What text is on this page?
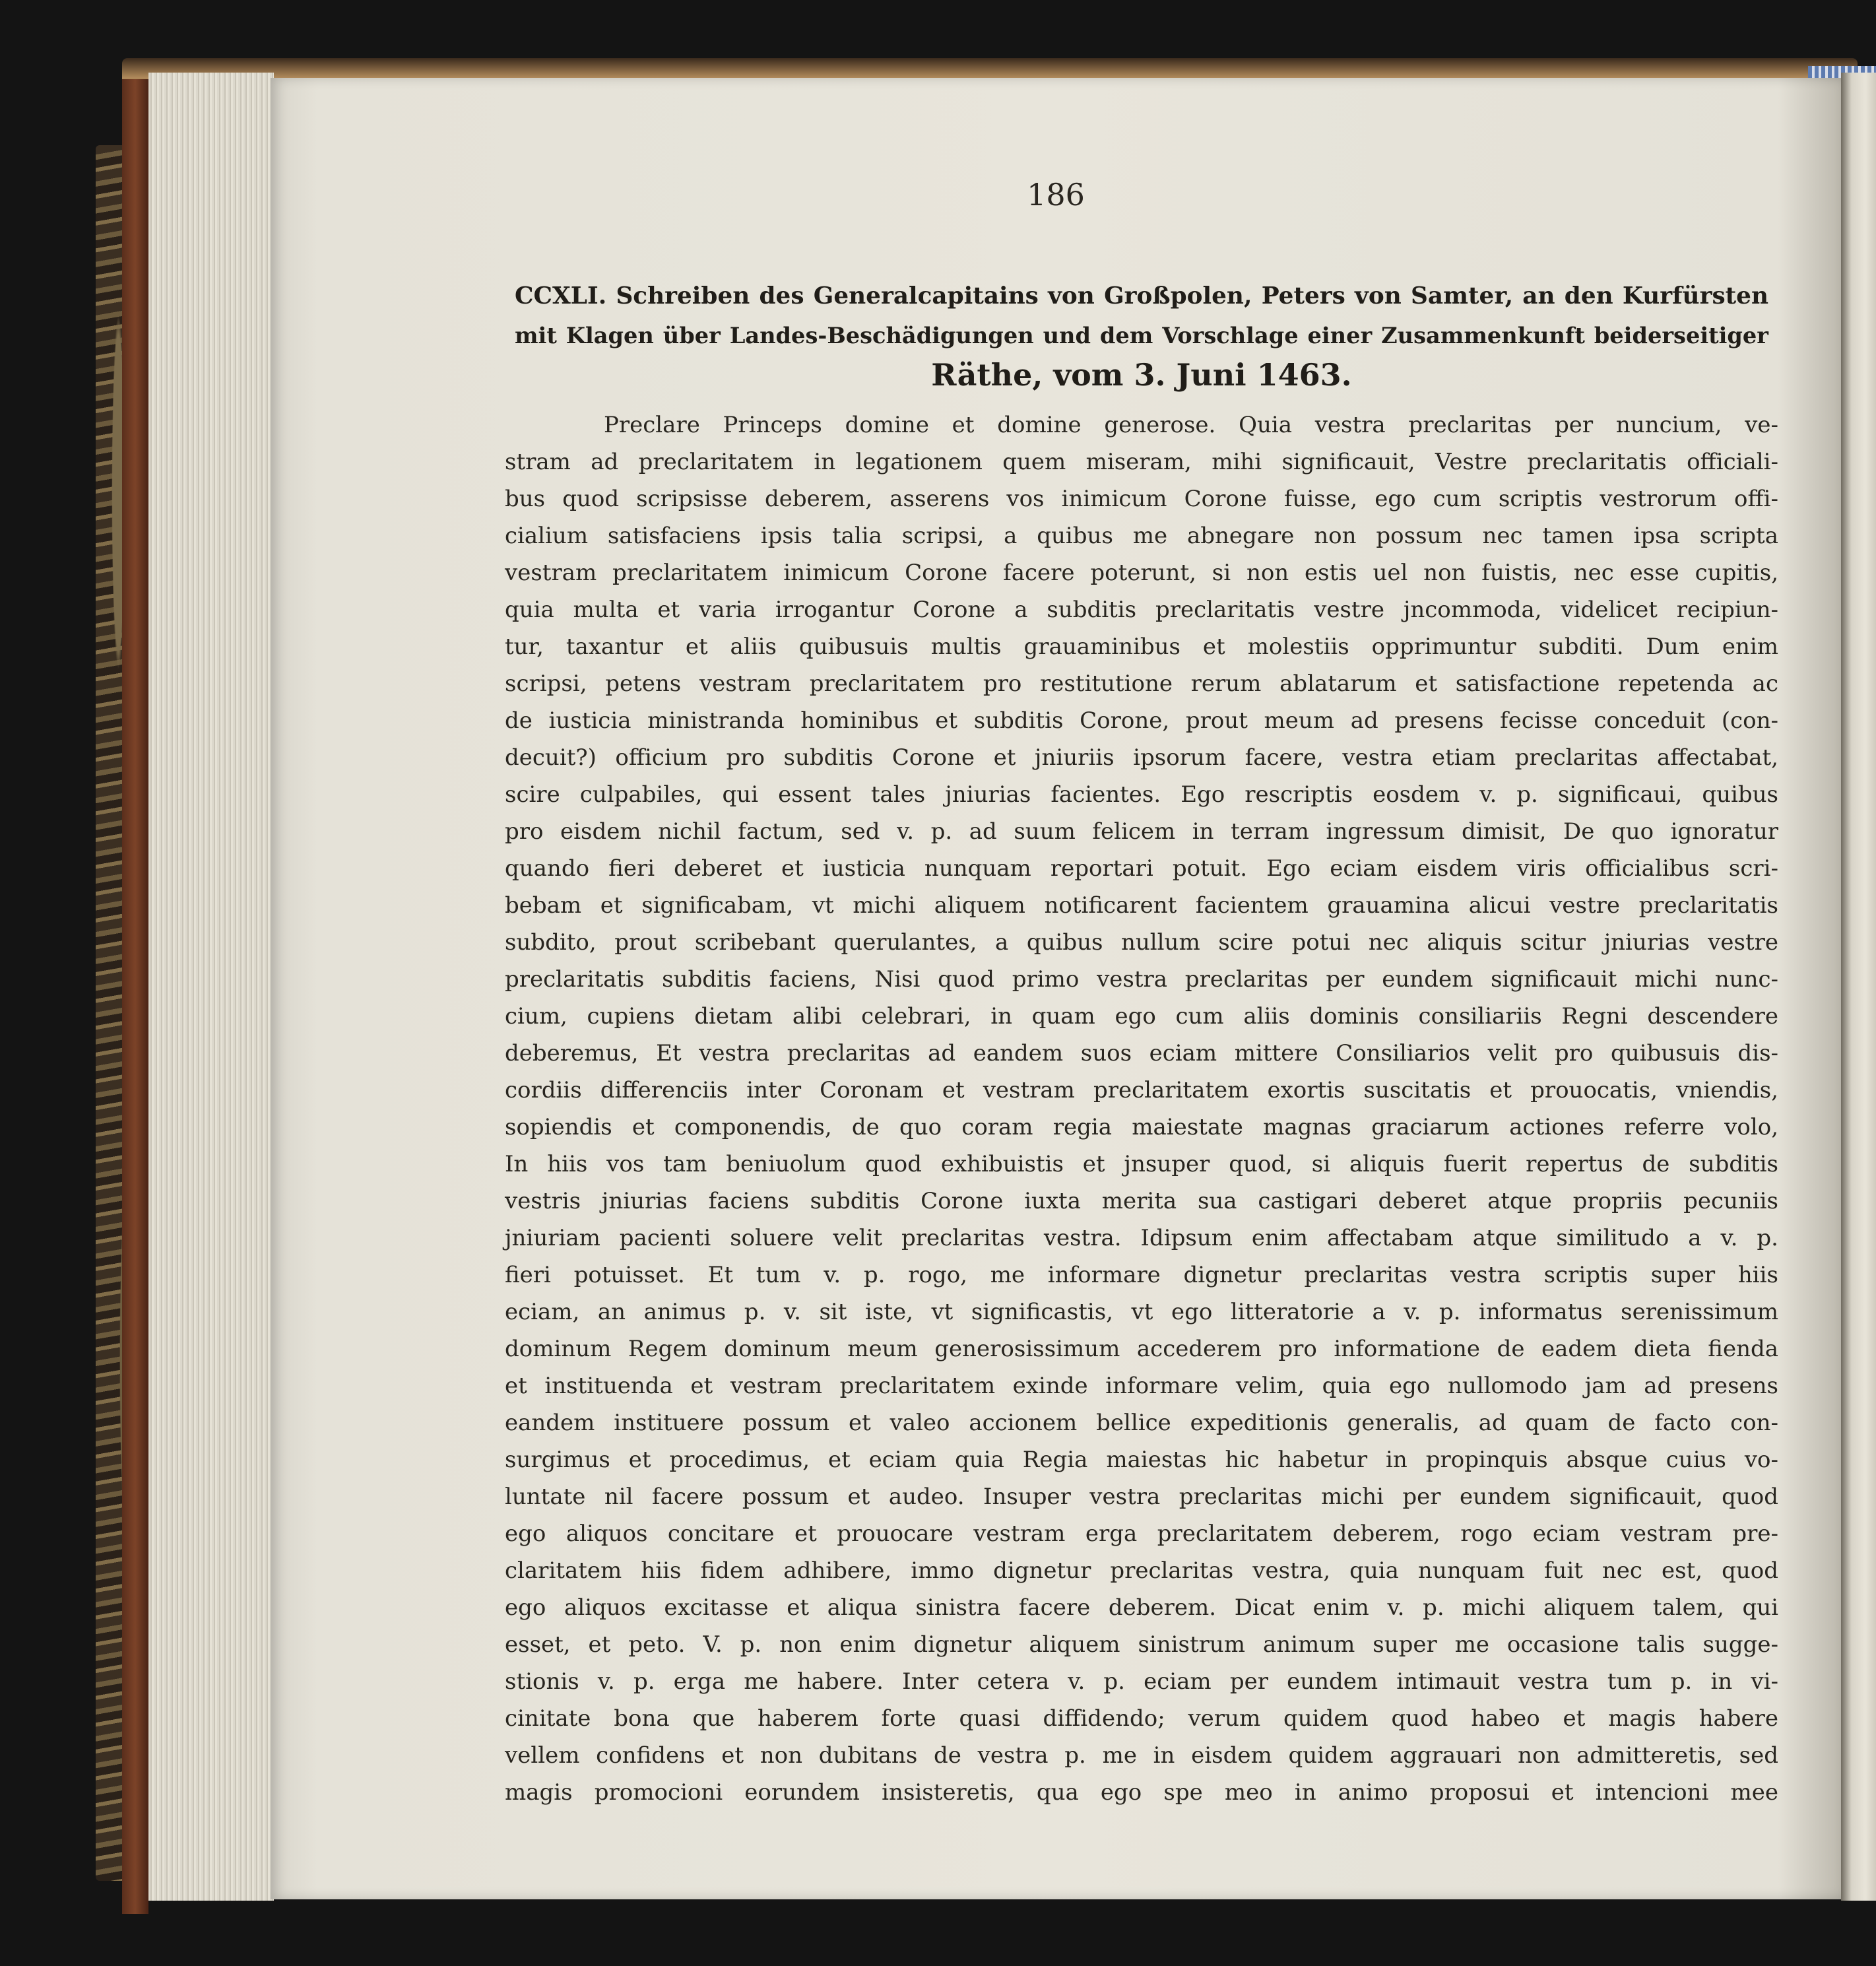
186

CCXLI. Schreiben des Generalcapitains von Großpolen, Peters von Samter, an den Kurfürsten
mit Klagen über Landes-Beschädigungen und dem Vorschlage einer Zusammenkunft beiderseitiger
Räthe, vom 3. Juni 1463.
Preclare Princeps domine et domine generose. Quia vestra preclaritas per nuncium, ve-
stram ad preclaritatem in legationem quem miseram, mihi significauit, Vestre preclaritatis officiali-
bus quod scripsisse deberem, asserens vos inimicum Corone fuisse, ego cum scriptis vestrorum offi-
cialium satisfaciens ipsis talia scripsi, a quibus me abnegare non possum nec tamen ipsa scripta
vestram preclaritatem inimicum Corone facere poterunt, si non estis uel non fuistis, nec esse cupitis,
quia multa et varia irrogantur Corone a subditis preclaritatis vestre jncommoda, videlicet recipiun-
tur, taxantur et aliis quibusuis multis grauaminibus et molestiis opprimuntur subditi. Dum enim
scripsi, petens vestram preclaritatem pro restitutione rerum ablatarum et satisfactione repetenda ac
de iusticia ministranda hominibus et subditis Corone, prout meum ad presens fecisse conceduit (con-
decuit?) officium pro subditis Corone et jniuriis ipsorum facere, vestra etiam preclaritas affectabat,
scire culpabiles, qui essent tales jniurias facientes. Ego rescriptis eosdem v. p. significaui, quibus
pro eisdem nichil factum, sed v. p. ad suum felicem in terram ingressum dimisit, De quo ignoratur
quando fieri deberet et iusticia nunquam reportari potuit. Ego eciam eisdem viris officialibus scri-
bebam et significabam, vt michi aliquem notificarent facientem grauamina alicui vestre preclaritatis
subdito, prout scribebant querulantes, a quibus nullum scire potui nec aliquis scitur jniurias vestre
preclaritatis subditis faciens, Nisi quod primo vestra preclaritas per eundem significauit michi nunc-
cium, cupiens dietam alibi celebrari, in quam ego cum aliis dominis consiliariis Regni descendere
deberemus, Et vestra preclaritas ad eandem suos eciam mittere Consiliarios velit pro quibusuis dis-
cordiis differenciis inter Coronam et vestram preclaritatem exortis suscitatis et prouocatis, vniendis,
sopiendis et componendis, de quo coram regia maiestate magnas graciarum actiones referre volo,
In hiis vos tam beniuolum quod exhibuistis et jnsuper quod, si aliquis fuerit repertus de subditis
vestris jniurias faciens subditis Corone iuxta merita sua castigari deberet atque propriis pecuniis
jniuriam pacienti soluere velit preclaritas vestra. Idipsum enim affectabam atque similitudo a v. p.
fieri potuisset. Et tum v. p. rogo, me informare dignetur preclaritas vestra scriptis super hiis
eciam, an animus p. v. sit iste, vt significastis, vt ego litteratorie a v. p. informatus serenissimum
dominum Regem dominum meum generosissimum accederem pro informatione de eadem dieta fienda
et instituenda et vestram preclaritatem exinde informare velim, quia ego nullomodo jam ad presens
eandem instituere possum et valeo accionem bellice expeditionis generalis, ad quam de facto con-
surgimus et procedimus, et eciam quia Regia maiestas hic habetur in propinquis absque cuius vo-
luntate nil facere possum et audeo. Insuper vestra preclaritas michi per eundem significauit, quod
ego aliquos concitare et prouocare vestram erga preclaritatem deberem, rogo eciam vestram pre-
claritatem hiis fidem adhibere, immo dignetur preclaritas vestra, quia nunquam fuit nec est, quod
ego aliquos excitasse et aliqua sinistra facere deberem. Dicat enim v. p. michi aliquem talem, qui
esset, et peto. V. p. non enim dignetur aliquem sinistrum animum super me occasione talis sugge-
stionis v. p. erga me habere. Inter cetera v. p. eciam per eundem intimauit vestra tum p. in vi-
cinitate bona que haberem forte quasi diffidendo; verum quidem quod habeo et magis habere
vellem confidens et non dubitans de vestra p. me in eisdem quidem aggrauari non admitteretis, sed
magis promocioni eorundem insisteretis, qua ego spe meo in animo proposui et intencioni mee
